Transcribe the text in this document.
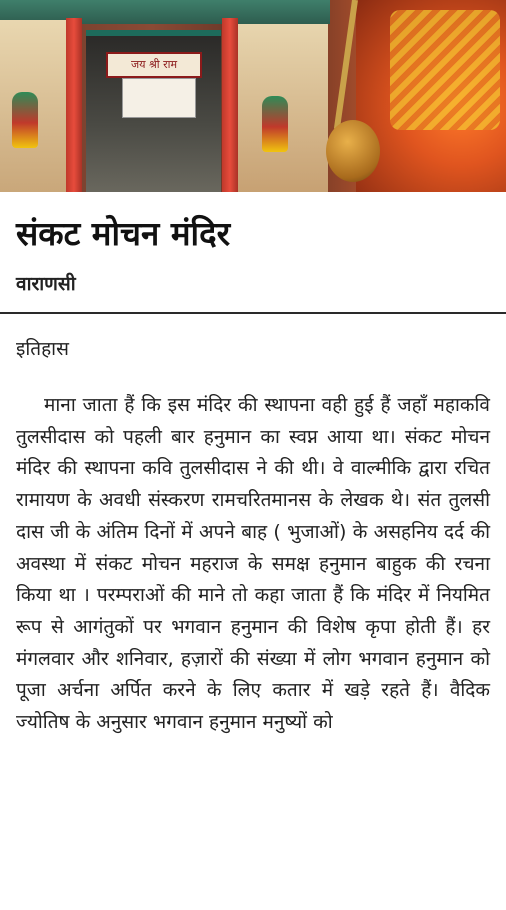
जय श्री राम
संकट मोचन मंदिर
वाराणसी
इतिहास

माना जाता हैं कि इस मंदिर की स्थापना वही हुई हैं जहाँ महाकवि तुलसीदास को पहली बार हनुमान का स्वप्न आया था। संकट मोचन मंदिर की स्थापना कवि तुलसीदास ने की थी। वे वाल्मीकि द्वारा रचित रामायण के अवधी संस्करण रामचरितमानस के लेखक थे। संत तुलसी दास जी के अंतिम दिनों में अपने बाह ( भुजाओं) के असहनिय दर्द की अवस्था में संकट मोचन महराज के समक्ष हनुमान बाहुक की रचना किया था । परम्पराओं की माने तो कहा जाता हैं कि मंदिर में नियमित रूप से आगंतुकों पर भगवान हनुमान की विशेष कृपा होती हैं। हर मंगलवार और शनिवार, हज़ारों की संख्या में लोग भगवान हनुमान को पूजा अर्चना अर्पित करने के लिए कतार में खड़े रहते हैं। वैदिक ज्योतिष के अनुसार भगवान हनुमान मनुष्यों को
